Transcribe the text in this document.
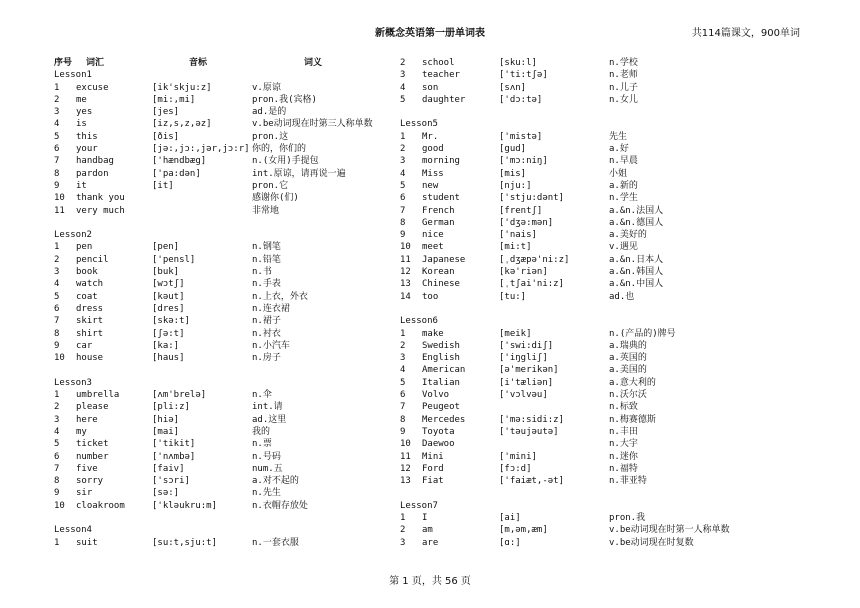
新概念英语第一册单词表	共114篇课文，900单词
序号 词汇	音标	词义
Lesson1
1 excuse	[ik'skju:z]	v.原谅
2 me	[mi:,mi]	pron.我(宾格)
3 yes	[jes]	ad.是的
4 is	[iz,s,z,əz]	v.be动词现在时第三人称单数
5 this	[ðis]	pron.这
6 your	[jə:,jɔ:,jər,jɔ:r] 你的，你们的
7 handbag	['hændbæg]	n.(女用)手提包
8 pardon	['pa:dən]	int.原谅，请再说一遍
9 it	[it]	pron.它
10 thank you	感谢你(们)
11 very much	非常地
Lesson2
1 pen	[pen]	n.钢笔
2 pencil	['pensl]	n.铅笔
3 book	[buk]	n.书
4 watch	[wɔtʃ]	n.手表
5 coat	[kəut]	n.上衣，外衣
6 dress	[dres]	n.连衣裙
7 skirt	[skə:t]	n.裙子
8 shirt	[ʃə:t]	n.衬衣
9 car	[ka:]	n.小汽车
10 house	[haus]	n.房子
Lesson3
1 umbrella	[ʌm'brelə]	n.伞
2 please	[pli:z]	int.请
3 here	[hiə]	ad.这里
4 my	[mai]	我的
5 ticket	['tikit]	n.票
6 number	['nʌmbə]	n.号码
7 five	[faiv]	num.五
8 sorry	['sɔri]	a.对不起的
9 sir	[sə:]	n.先生
10 cloakroom	['kləukru:m]	n.衣帽存放处
Lesson4
1 suit	[su:t,sju:t]	n.一套衣服
2 school	[sku:l]	n.学校
3 teacher	['ti:tʃə]	n.老师
4 son	[sʌn]	n.儿子
5 daughter	['dɔ:tə]	n.女儿
Lesson5
1 Mr.	['mistə]	先生
2 good	[gud]	a.好
3 morning	['mɔ:niŋ]	n.早晨
4 Miss	[mis]	小姐
5 new	[nju:]	a.新的
6 student	['stju:dənt]	n.学生
7 French	[frentʃ]	a.&n.法国人
8 German	['dʒə:mən]	a.&n.德国人
9 nice	['nais]	a.美好的
10 meet	[mi:t]	v.遇见
11 Japanese	[ˌdʒæpə'ni:z]	a.&n.日本人
12 Korean	[kə'riən]	a.&n.韩国人
13 Chinese	[ˌtʃai'ni:z]	a.&n.中国人
14 too	[tu:]	ad.也
Lesson6
1 make	[meik]	n.(产品的)牌号
2 Swedish	['swi:diʃ]	a.瑞典的
3 English	['iŋgliʃ]	a.英国的
4 American	[ə'merikən]	a.美国的
5 Italian	[i'tæliən]	a.意大利的
6 Volvo	['vɔlvəu]	n.沃尔沃
7 Peugeot	n.标致
8 Mercedes	['mə:sidi:z]	n.梅赛德斯
9 Toyota	['təujəutə]	n.丰田
10 Daewoo	n.大宇
11 Mini	['mini]	n.迷你
12 Ford	[fɔ:d]	n.福特
13 Fiat	['faiæt,-ət]	n.菲亚特
Lesson7
1 I	[ai]	pron.我
2 am	[m,əm,æm]	v.be动词现在时第一人称单数
3 are	[ɑ:]	v.be动词现在时复数
第 1 页，共 56 页
